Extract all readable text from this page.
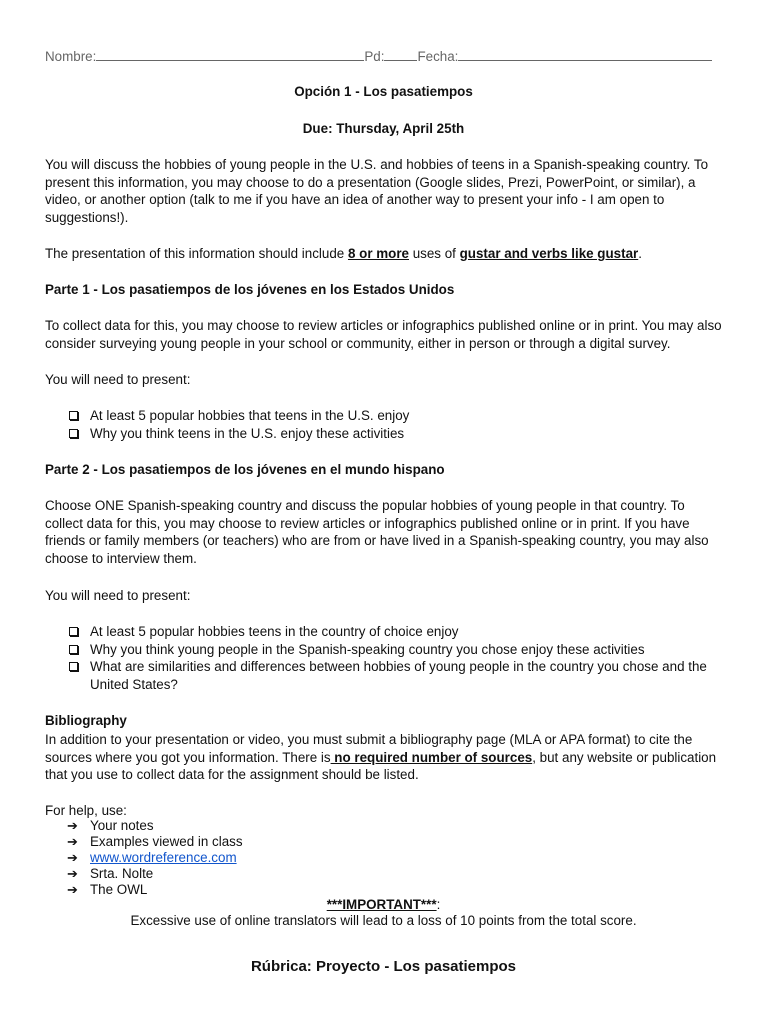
Nombre:	Pd: Fecha:
Opción 1 - Los pasatiempos
Due: Thursday, April 25th
You will discuss the hobbies of young people in the U.S. and hobbies of teens in a Spanish-speaking country. To present this information, you may choose to do a presentation (Google slides, Prezi, PowerPoint, or similar), a video, or another option (talk to me if you have an idea of another way to present your info - I am open to suggestions!).
The presentation of this information should include 8 or more uses of gustar and verbs like gustar.
Parte 1 - Los pasatiempos de los jóvenes en los Estados Unidos
To collect data for this, you may choose to review articles or infographics published online or in print. You may also consider surveying young people in your school or community, either in person or through a digital survey.
You will need to present:
At least 5 popular hobbies that teens in the U.S. enjoy
Why you think teens in the U.S. enjoy these activities
Parte 2 - Los pasatiempos de los jóvenes en el mundo hispano
Choose ONE Spanish-speaking country and discuss the popular hobbies of young people in that country. To collect data for this, you may choose to review articles or infographics published online or in print. If you have friends or family members (or teachers) who are from or have lived in a Spanish-speaking country, you may also choose to interview them.
You will need to present:
At least 5 popular hobbies teens in the country of choice enjoy
Why you think young people in the Spanish-speaking country you chose enjoy these activities
What are similarities and differences between hobbies of young people in the country you chose and the United States?
Bibliography
In addition to your presentation or video, you must submit a bibliography page (MLA or APA format) to cite the sources where you got you information. There is no required number of sources, but any website or publication that you use to collect data for the assignment should be listed.
For help, use:
➔ Your notes
➔ Examples viewed in class
➔ www.wordreference.com
➔ Srta. Nolte
➔ The OWL
***IMPORTANT***:
Excessive use of online translators will lead to a loss of 10 points from the total score.
Rúbrica: Proyecto - Los pasatiempos
